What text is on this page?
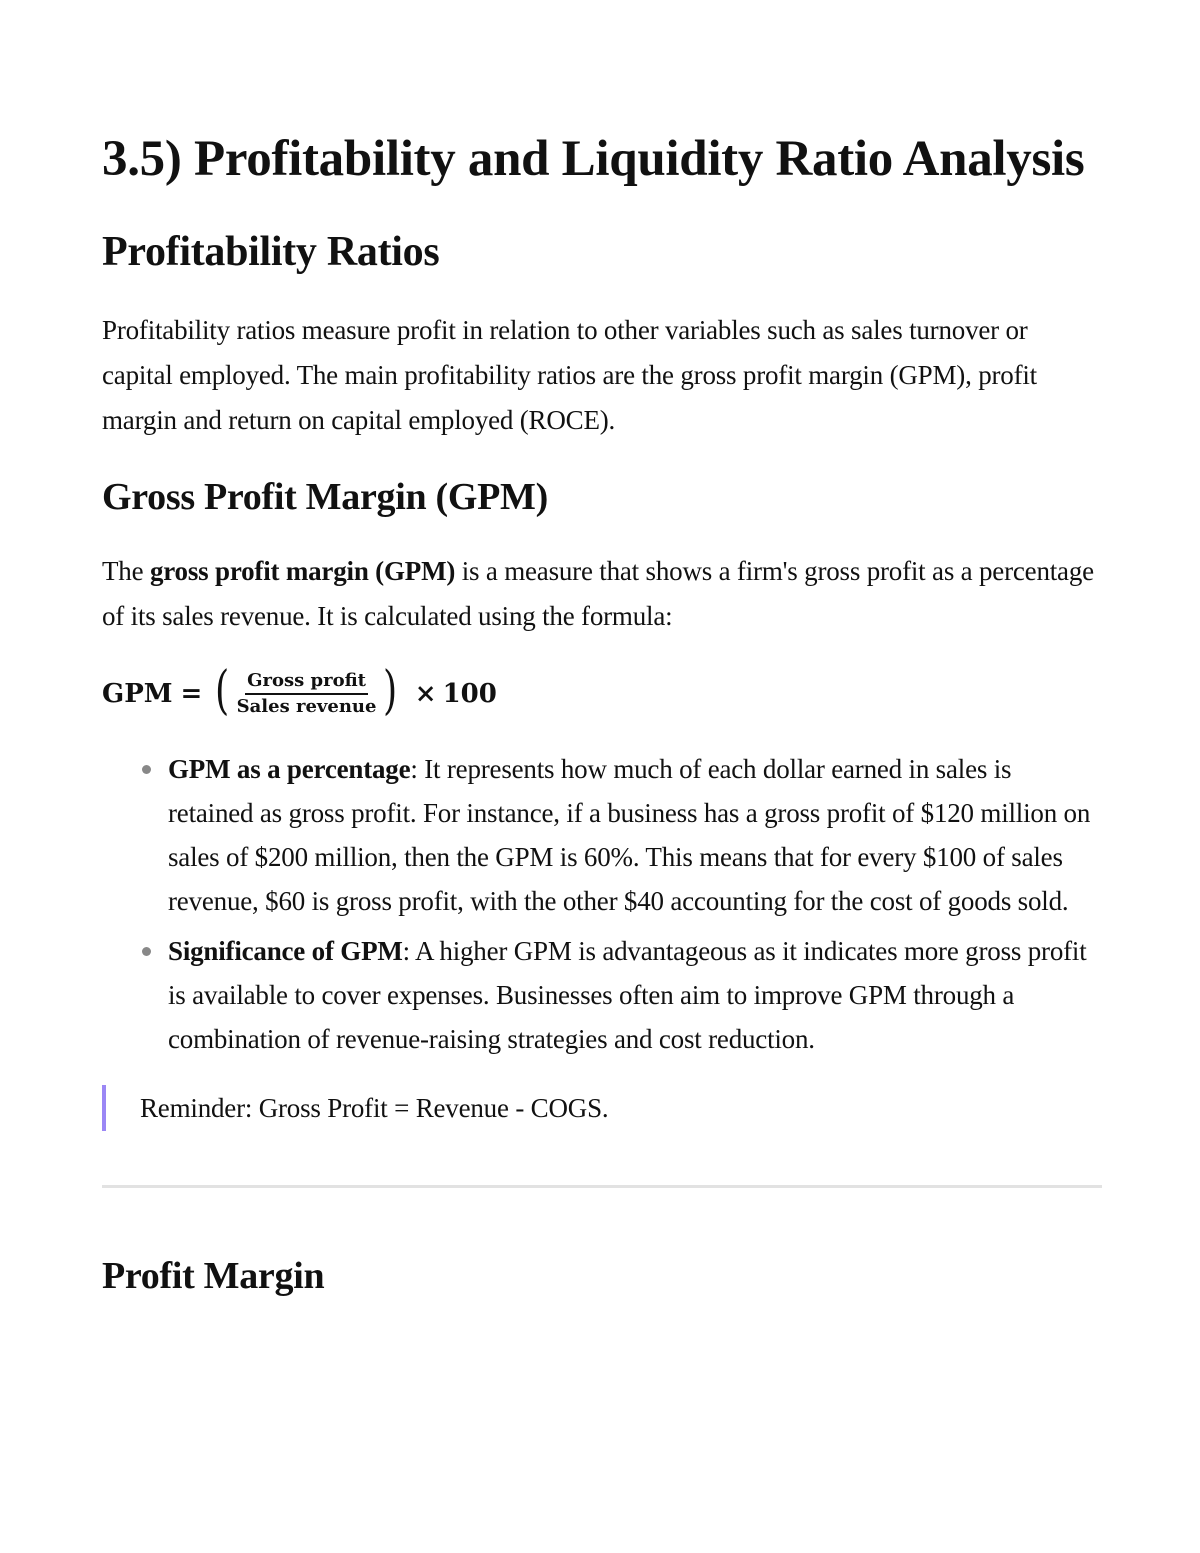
3.5) Profitability and Liquidity Ratio Analysis
Profitability Ratios

Profitability ratios measure profit in relation to other variables such as sales turnover or capital employed. The main profitability ratios are the gross profit margin (GPM), profit margin and return on capital employed (ROCE).

Gross Profit Margin (GPM)

The gross profit margin (GPM) is a measure that shows a firm's gross profit as a percentage of its sales revenue. It is calculated using the formula:

GPM = ( $\frac{\text{Gross profit}}{\text{Sales revenue}}$ ) × 100
GPM as a percentage: It represents how much of each dollar earned in sales is retained as gross profit. For instance, if a business has a gross profit of $120 million on sales of $200 million, then the GPM is 60%. This means that for every $100 of sales revenue, $60 is gross profit, with the other $40 accounting for the cost of goods sold.
Significance of GPM: A higher GPM is advantageous as it indicates more gross profit is available to cover expenses. Businesses often aim to improve GPM through a combination of revenue-raising strategies and cost reduction.
Reminder: Gross Profit = Revenue - COGS.
Profit Margin
